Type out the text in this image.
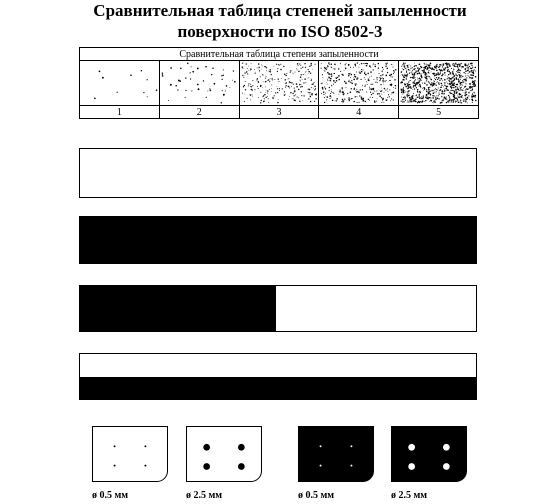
Сравнительная таблица степеней запыленности
поверхности по ISO 8502-3
Сравнительная таблица степени запыленности
1	2	3	4	5
ø 0.5 мм	ø 2.5 мм	ø 0.5 мм	ø 2.5 мм
